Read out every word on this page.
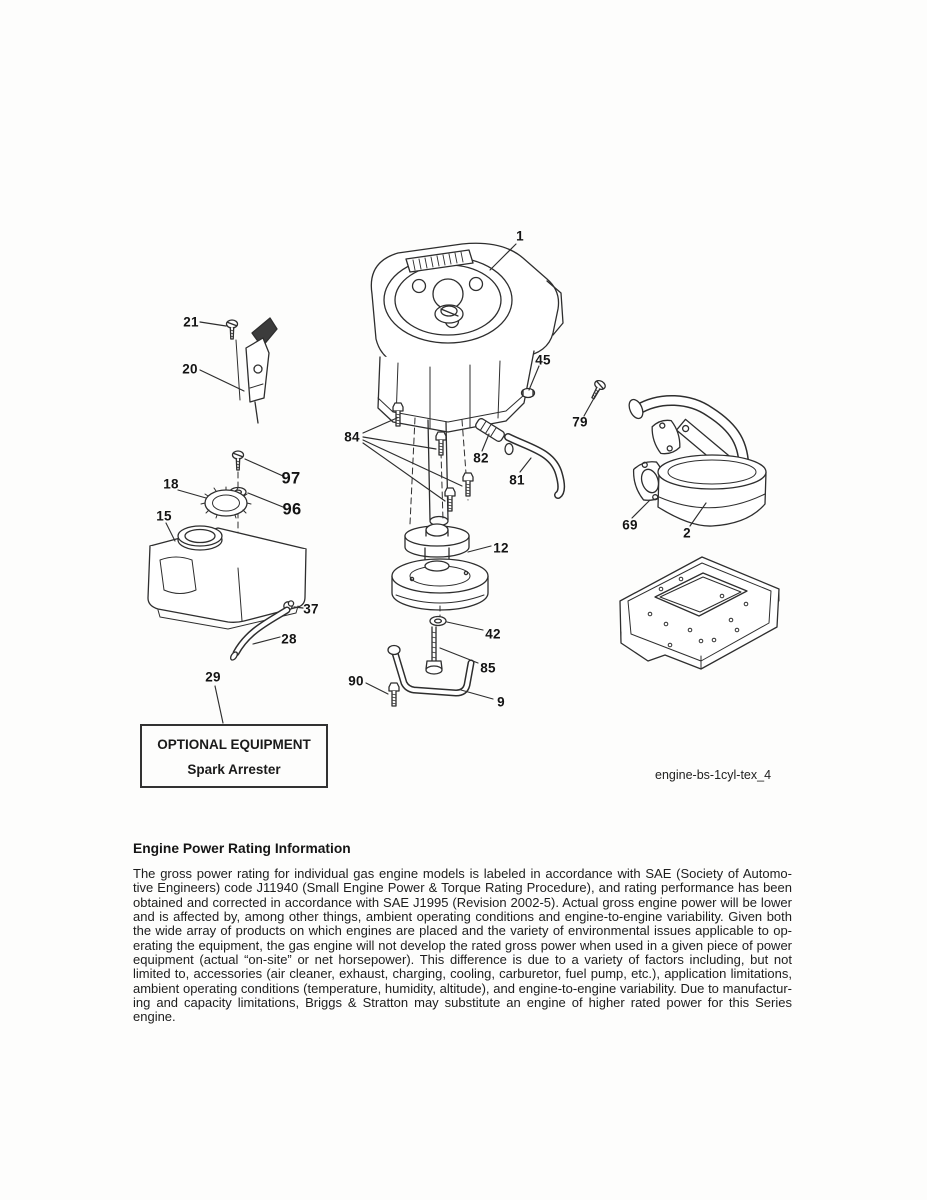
1
21
20
45
79
84
82
81
97
96
18
15
69
2
12
37
28	42
85
29	90
9
OPTIONAL EQUIPMENT
Spark Arrester	engine-bs-1cyl-tex_4
Engine Power Rating Information
The gross power rating for individual gas engine models is labeled in accordance with SAE (Society of Automo-
tive Engineers) code J11940 (Small Engine Power & Torque Rating Procedure), and rating performance has been
obtained and corrected in accordance with SAE J1995 (Revision 2002-5). Actual gross engine power will be lower
and is affected by, among other things, ambient operating conditions and engine-to-engine variability. Given both
the wide array of products on which engines are placed and the variety of environmental issues applicable to op-
erating the equipment, the gas engine will not develop the rated gross power when used in a given piece of power
equipment (actual “on-site” or net horsepower). This difference is due to a variety of factors including, but not
limited to, accessories (air cleaner, exhaust, charging, cooling, carburetor, fuel pump, etc.), application limitations,
ambient operating conditions (temperature, humidity, altitude), and engine-to-engine variability. Due to manufactur-
ing and capacity limitations, Briggs & Stratton may substitute an engine of higher rated power for this Series engine.
